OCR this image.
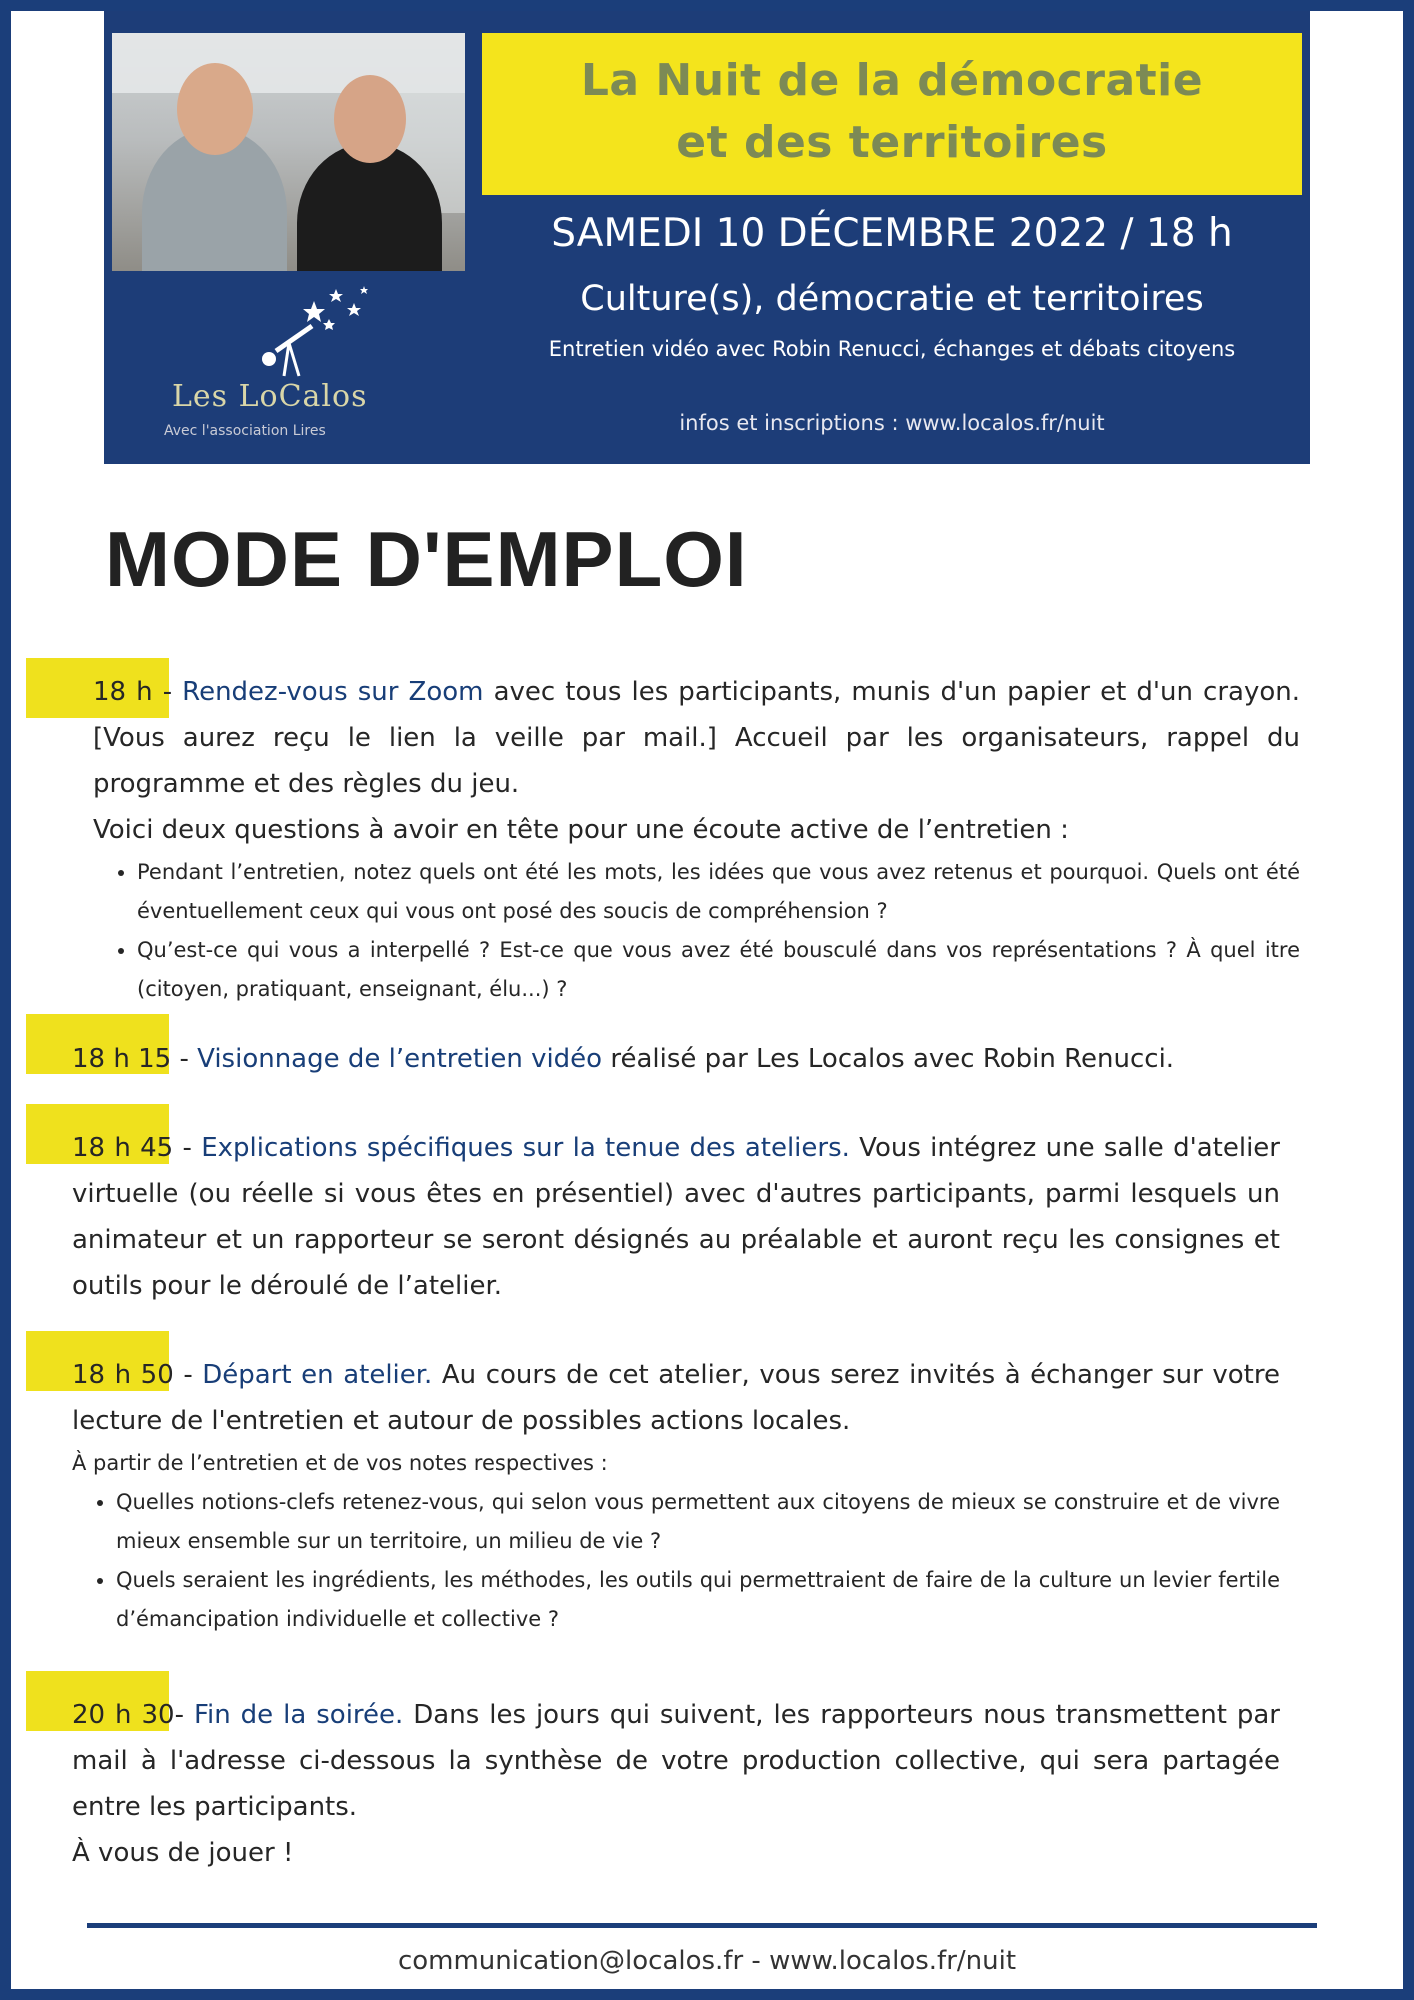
Les LoCalos
Avec l'association Lires
La Nuit de la démocratie
et des territoires
SAMEDI 10 DÉCEMBRE 2022 / 18 h
Culture(s), démocratie et territoires
Entretien vidéo avec Robin Renucci, échanges et débats citoyens
infos et inscriptions : www.localos.fr/nuit
MODE D'EMPLOI

18 h - Rendez-vous sur Zoom avec tous les participants, munis d'un papier et d'un crayon. [Vous aurez reçu le lien la veille par mail.] Accueil par les organisateurs, rappel du programme et des règles du jeu.

Voici deux questions à avoir en tête pour une écoute active de l’entretien :

• Pendant l’entretien, notez quels ont été les mots, les idées que vous avez retenus et pourquoi. Quels ont été éventuellement ceux qui vous ont posé des soucis de compréhension ?
• Qu’est-ce qui vous a interpellé ? Est-ce que vous avez été bousculé dans vos représentations ? À quel itre (citoyen, pratiquant, enseignant, élu...) ?

18 h 15 - Visionnage de l’entretien vidéo réalisé par Les Localos avec Robin Renucci.

18 h 45 - Explications spécifiques sur la tenue des ateliers. Vous intégrez une salle d'atelier virtuelle (ou réelle si vous êtes en présentiel) avec d'autres participants, parmi lesquels un animateur et un rapporteur se seront désignés au préalable et auront reçu les consignes et outils pour le déroulé de l’atelier.

18 h 50 - Départ en atelier. Au cours de cet atelier, vous serez invités à échanger sur votre lecture de l'entretien et autour de possibles actions locales.

À partir de l’entretien et de vos notes respectives :

• Quelles notions-clefs retenez-vous, qui selon vous permettent aux citoyens de mieux se construire et de vivre mieux ensemble sur un territoire, un milieu de vie ?
• Quels seraient les ingrédients, les méthodes, les outils qui permettraient de faire de la culture un levier fertile d’émancipation individuelle et collective ?

20 h 30- Fin de la soirée. Dans les jours qui suivent, les rapporteurs nous transmettent par mail à l'adresse ci-dessous la synthèse de votre production collective, qui sera partagée entre les participants.

À vous de jouer !

communication@localos.fr - www.localos.fr/nuit
